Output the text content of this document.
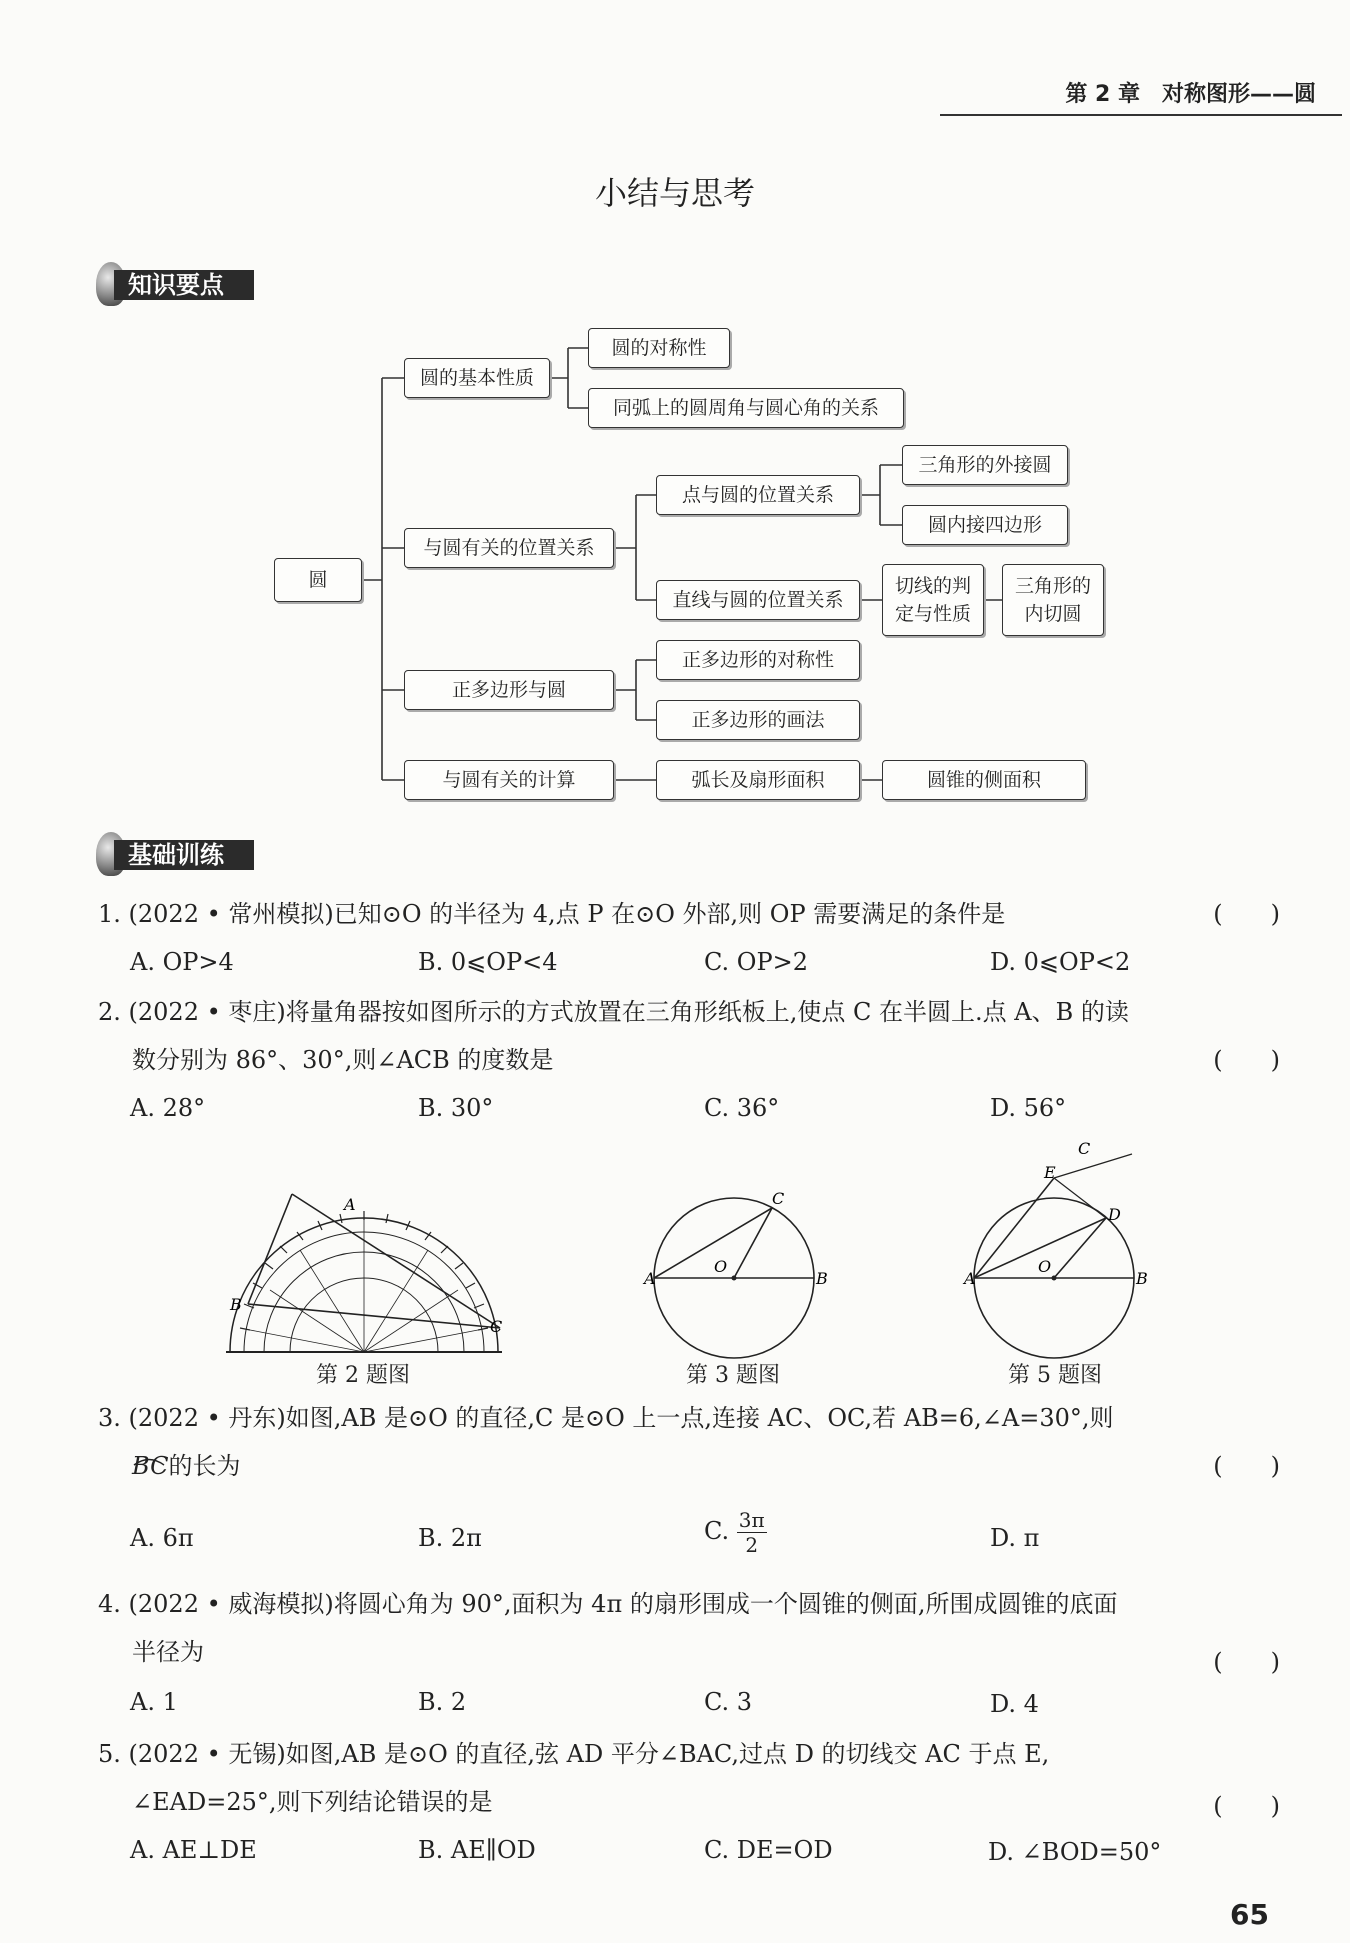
第 2 章　对称图形——圆
小结与思考
知识要点
圆
圆的基本性质
圆的对称性
同弧上的圆周角与圆心角的关系
与圆有关的位置关系
点与圆的位置关系
三角形的外接圆
圆内接四边形
直线与圆的位置关系
切线的判
定与性质
三角形的
内切圆
正多边形与圆
正多边形的对称性
正多边形的画法
与圆有关的计算	弧长及扇形面积	圆锥的侧面积
基础训练
1. (2022 • 常州模拟)已知⊙O 的半径为 4,点 P 在⊙O 外部,则 OP 需要满足的条件是	(　　)
A. OP>4	B. 0⩽OP<4	C. OP>2	D. 0⩽OP<2
2. (2022 • 枣庄)将量角器按如图所示的方式放置在三角形纸板上,使点 C 在半圆上.点 A、B 的读
数分别为 86°、30°,则∠ACB 的度数是	(　　)
A. 28°	B. 30°	C. 36°	D. 56°
A
B
C
第 2 题图
A	B
C
O
第 3 题图
A	B
C
D
E
O
第 5 题图
3. (2022 • 丹东)如图,AB 是⊙O 的直径,C 是⊙O 上一点,连接 AC、OC,若 AB=6,∠A=30°,则
BC的长为	(　　)
A. 6π	B. 2π	C. $\frac{3\pi}{2}$	D. π
4. (2022 • 威海模拟)将圆心角为 90°,面积为 4π 的扇形围成一个圆锥的侧面,所围成圆锥的底面
半径为	(　　)
A. 1	B. 2	C. 3	D. 4
5. (2022 • 无锡)如图,AB 是⊙O 的直径,弦 AD 平分∠BAC,过点 D 的切线交 AC 于点 E,
∠EAD=25°,则下列结论错误的是	(　　)
A. AE⊥DE	B. AE∥OD	C. DE=OD	D. ∠BOD=50°
65
